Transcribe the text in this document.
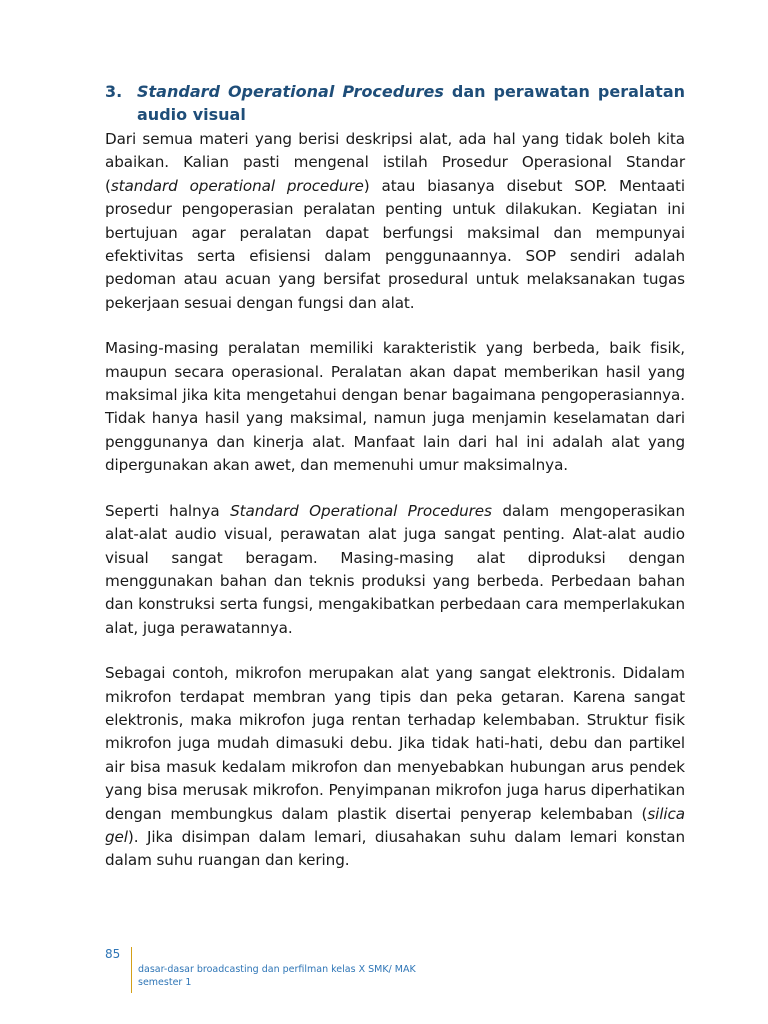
3. Standard Operational Procedures dan perawatan peralatan audio visual

Dari semua materi yang berisi deskripsi alat, ada hal yang tidak boleh kita abaikan. Kalian pasti mengenal istilah Prosedur Operasional Standar (standard operational procedure) atau biasanya disebut SOP. Mentaati prosedur pengoperasian peralatan penting untuk dilakukan. Kegiatan ini bertujuan agar peralatan dapat berfungsi maksimal dan mempunyai efektivitas serta efisiensi dalam penggunaannya. SOP sendiri adalah pedoman atau acuan yang bersifat prosedural untuk melaksanakan tugas pekerjaan sesuai dengan fungsi dan alat.

Masing-masing peralatan memiliki karakteristik yang berbeda, baik fisik, maupun secara operasional. Peralatan akan dapat memberikan hasil yang maksimal jika kita mengetahui dengan benar bagaimana pengoperasiannya. Tidak hanya hasil yang maksimal, namun juga menjamin keselamatan dari penggunanya dan kinerja alat. Manfaat lain dari hal ini adalah alat yang dipergunakan akan awet, dan memenuhi umur maksimalnya.

Seperti halnya Standard Operational Procedures dalam mengoperasikan alat-alat audio visual, perawatan alat juga sangat penting. Alat-alat audio visual sangat beragam. Masing-masing alat diproduksi dengan menggunakan bahan dan teknis produksi yang berbeda. Perbedaan bahan dan konstruksi serta fungsi, mengakibatkan perbedaan cara memperlakukan alat, juga perawatannya.

Sebagai contoh, mikrofon merupakan alat yang sangat elektronis. Didalam mikrofon terdapat membran yang tipis dan peka getaran. Karena sangat elektronis, maka mikrofon juga rentan terhadap kelembaban. Struktur fisik mikrofon juga mudah dimasuki debu. Jika tidak hati-hati, debu dan partikel air bisa masuk kedalam mikrofon dan menyebabkan hubungan arus pendek yang bisa merusak mikrofon. Penyimpanan mikrofon juga harus diperhatikan dengan membungkus dalam plastik disertai penyerap kelembaban (silica gel). Jika disimpan dalam lemari, diusahakan suhu dalam lemari konstan dalam suhu ruangan dan kering.

85
dasar-dasar broadcasting dan perfilman kelas X SMK/ MAK
semester 1
